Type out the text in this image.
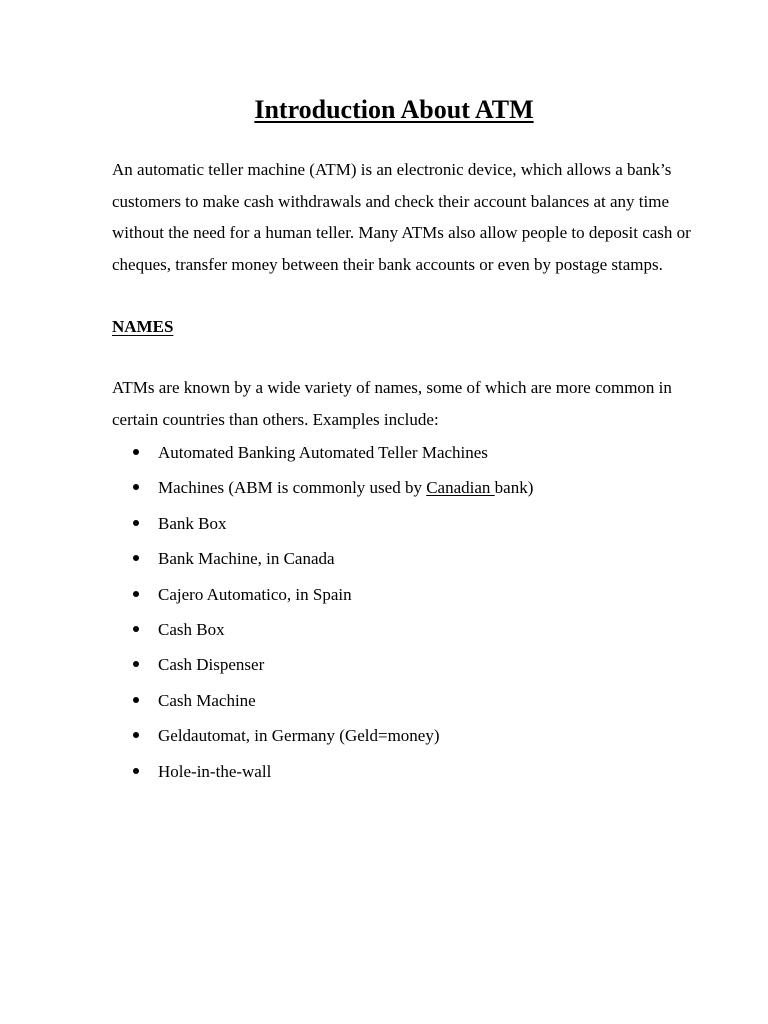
Introduction About ATM

An automatic teller machine (ATM) is an electronic device, which allows a bank’s customers to make cash withdrawals and check their account balances at any time without the need for a human teller. Many ATMs also allow people to deposit cash or cheques, transfer money between their bank accounts or even by postage stamps.

NAMES

ATMs are known by a wide variety of names, some of which are more common in certain countries than others. Examples include:

Automated Banking Automated Teller Machines
Machines (ABM is commonly used by Canadian bank)
Bank Box
Bank Machine, in Canada
Cajero Automatico, in Spain
Cash Box
Cash Dispenser
Cash Machine
Geldautomat, in Germany (Geld=money)
Hole-in-the-wall
